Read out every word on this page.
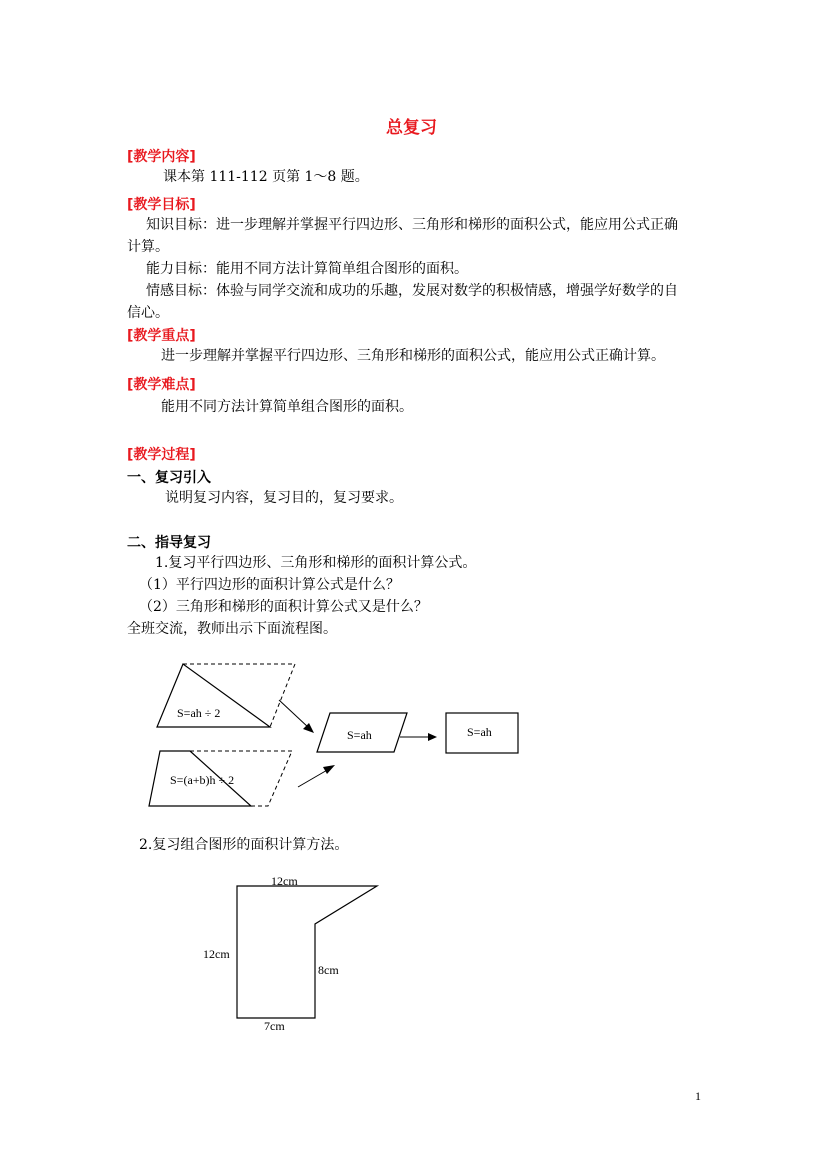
总复习
[教学内容]
课本第 111-112 页第 1～8 题。
[教学目标]
知识目标：进一步理解并掌握平行四边形、三角形和梯形的面积公式，能应用公式正确
计算。
能力目标：能用不同方法计算简单组合图形的面积。
情感目标：体验与同学交流和成功的乐趣，发展对数学的积极情感，增强学好数学的自
信心。
[教学重点]
进一步理解并掌握平行四边形、三角形和梯形的面积公式，能应用公式正确计算。
[教学难点]
能用不同方法计算简单组合图形的面积。
[教学过程]
一、复习引入
说明复习内容，复习目的，复习要求。
二、指导复习
1.复习平行四边形、三角形和梯形的面积计算公式。
（1）平行四边形的面积计算公式是什么？
（2）三角形和梯形的面积计算公式又是什么？
全班交流，教师出示下面流程图。
S=ah ÷ 2
S=(a+b)h ÷ 2
S=ah	S=ah
12cm
12cm
8cm
7cm
2.复习组合图形的面积计算方法。
1
